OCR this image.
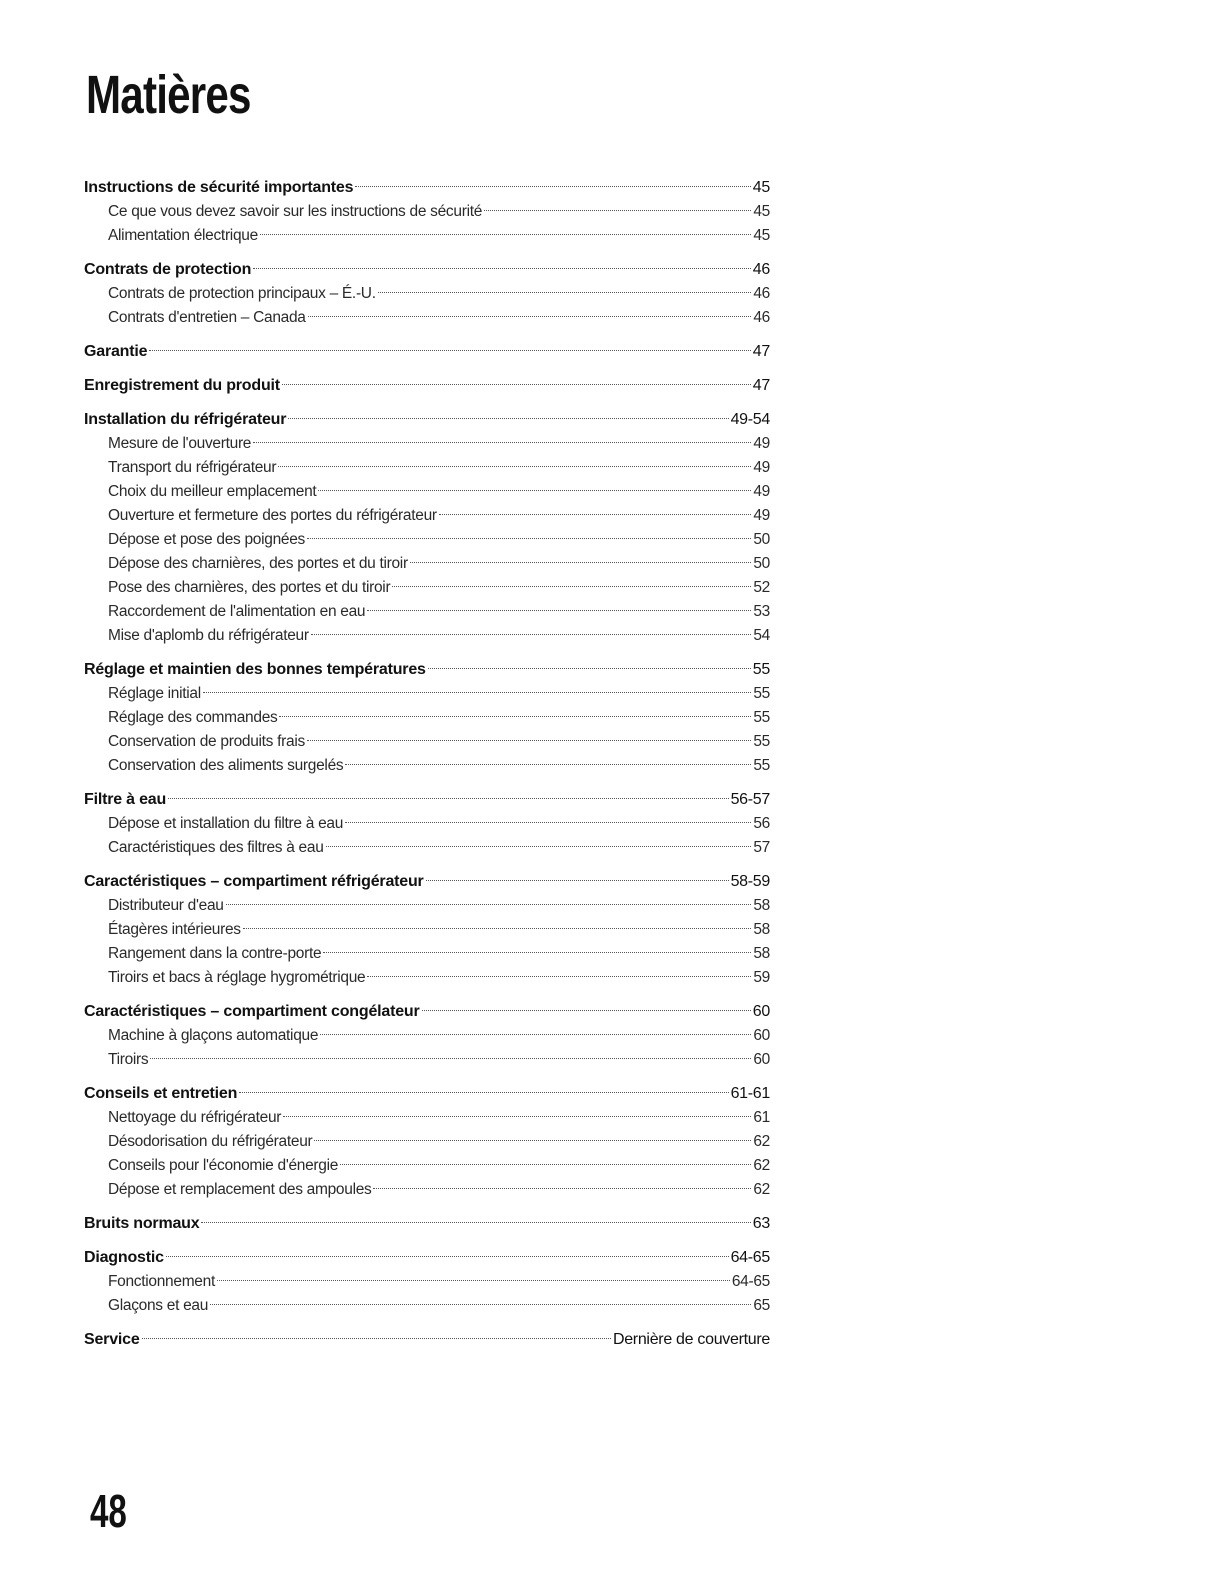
Matières
Instructions de sécurité importantes	45
Ce que vous devez savoir sur les instructions de sécurité	45
Alimentation électrique	45
Contrats de protection	46
Contrats de protection principaux – É.-U.	46
Contrats d'entretien – Canada	46
Garantie	47
Enregistrement du produit	47
Installation du réfrigérateur	49-54
Mesure de l'ouverture	49
Transport du réfrigérateur	49
Choix du meilleur emplacement	49
Ouverture et fermeture des portes du réfrigérateur	49
Dépose et pose des poignées	50
Dépose des charnières, des portes et du tiroir	50
Pose des charnières, des portes et du tiroir	52
Raccordement de l'alimentation en eau	53
Mise d'aplomb du réfrigérateur	54
Réglage et maintien des bonnes températures	55
Réglage initial	55
Réglage des commandes	55
Conservation de produits frais	55
Conservation des aliments surgelés	55
Filtre à eau	56-57
Dépose et installation du filtre à eau	56
Caractéristiques des filtres à eau	57
Caractéristiques – compartiment réfrigérateur	58-59
Distributeur d'eau	58
Étagères intérieures	58
Rangement dans la contre-porte	58
Tiroirs et bacs à réglage hygrométrique	59
Caractéristiques – compartiment congélateur	60
Machine à glaçons automatique	60
Tiroirs	60
Conseils et entretien	61-61
Nettoyage du réfrigérateur	61
Désodorisation du réfrigérateur	62
Conseils pour l'économie d'énergie	62
Dépose et remplacement des ampoules	62
Bruits normaux	63
Diagnostic	64-65
Fonctionnement	64-65
Glaçons et eau	65
Service	Dernière de couverture
48
